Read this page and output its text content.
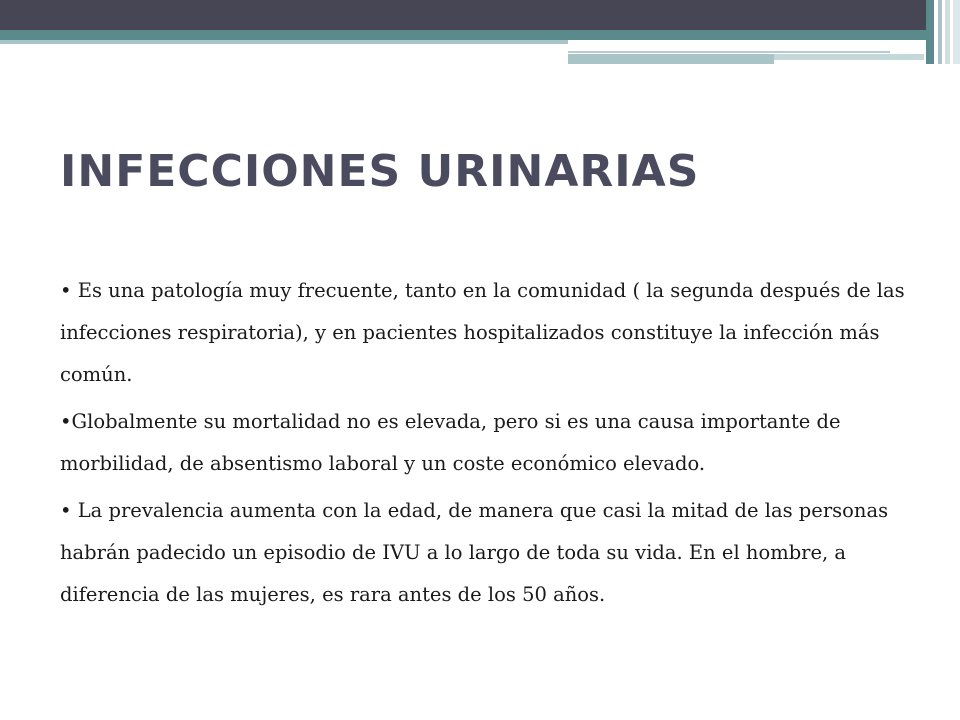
INFECCIONES URINARIAS

• Es una patología muy frecuente, tanto en la comunidad ( la segunda después de las infecciones respiratoria), y en pacientes hospitalizados constituye la infección más común.

•Globalmente su mortalidad no es elevada, pero si es una causa importante de morbilidad, de absentismo laboral y un coste económico elevado.

• La prevalencia aumenta con la edad, de manera que casi la mitad de las personas habrán padecido un episodio de IVU a lo largo de toda su vida. En el hombre, a diferencia de las mujeres, es rara antes de los 50 años.
